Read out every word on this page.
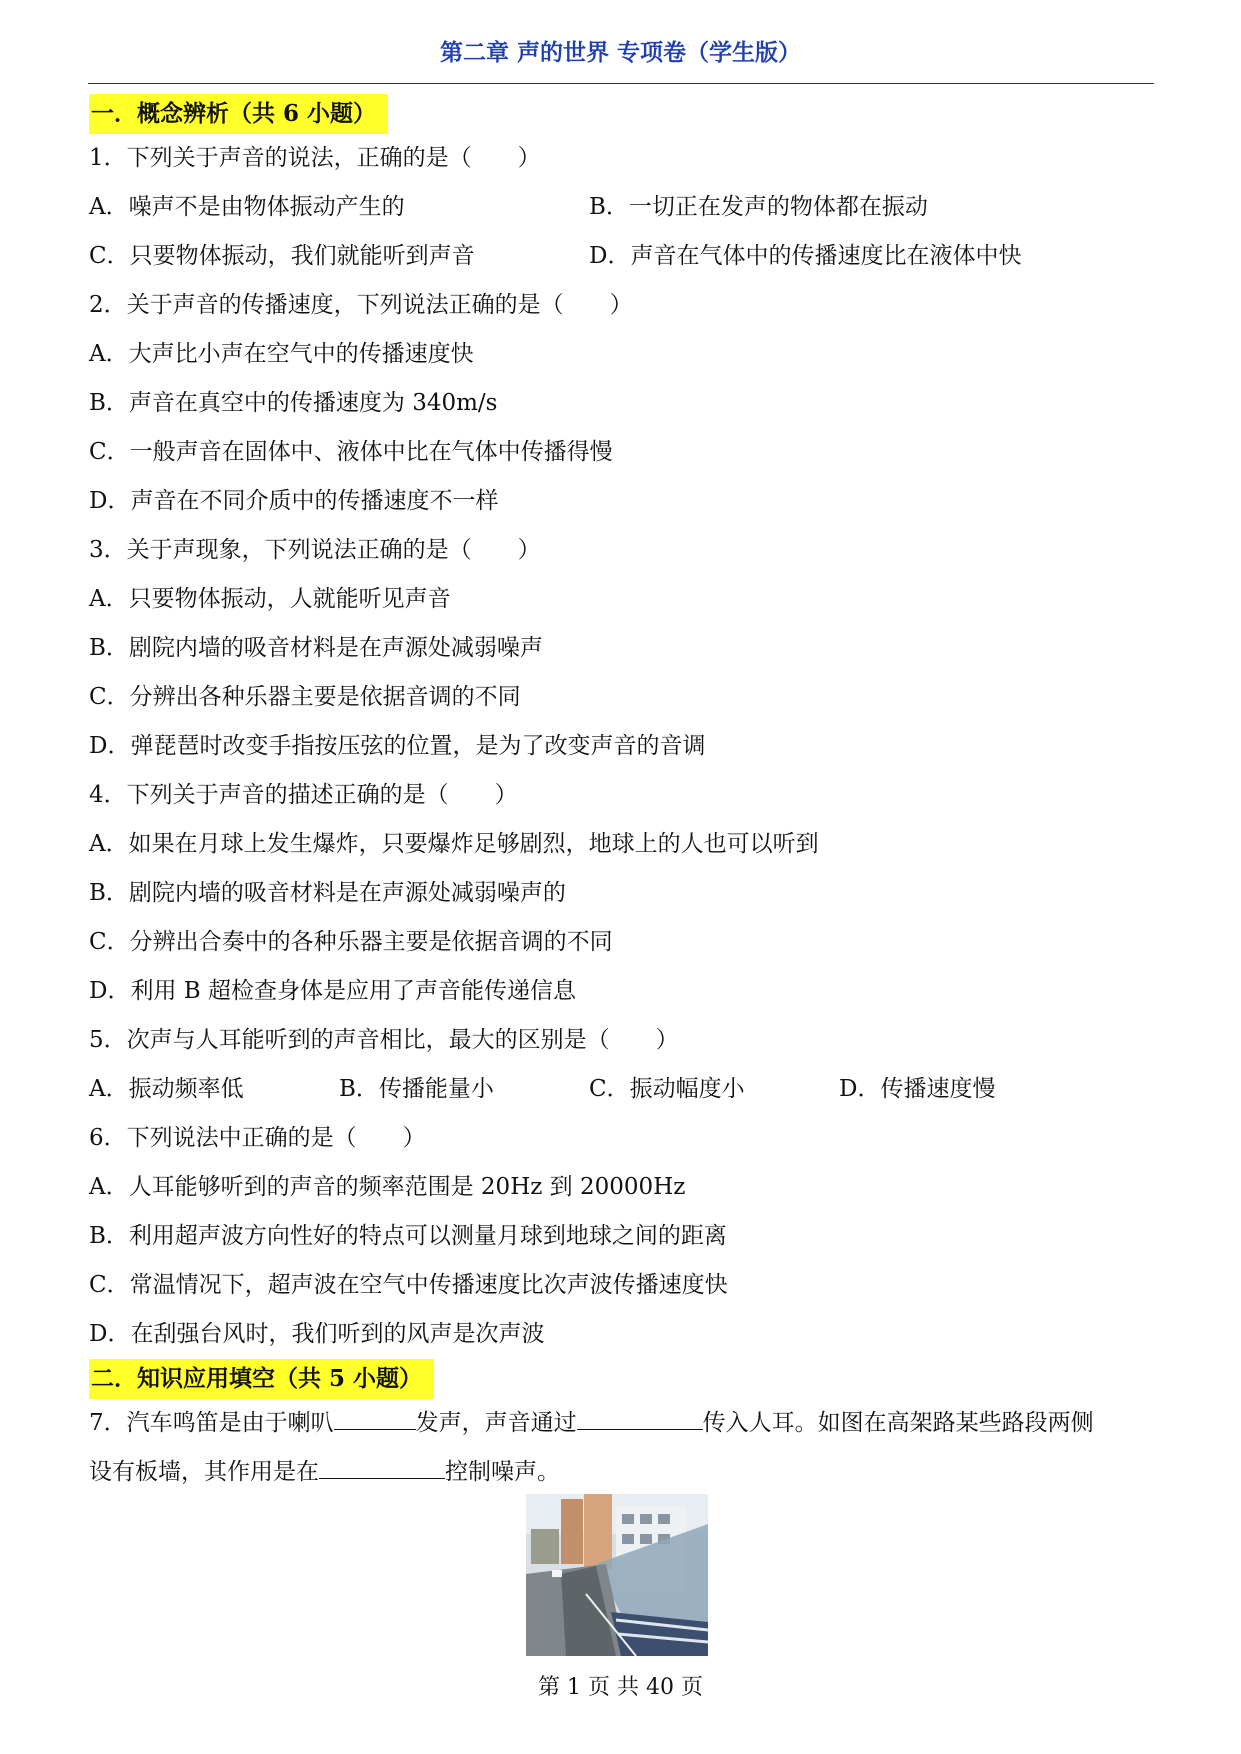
第二章 声的世界 专项卷（学生版）
一．概念辨析（共 6 小题）
1．下列关于声音的说法，正确的是（　　）
A．噪声不是由物体振动产生的	B．一切正在发声的物体都在振动
C．只要物体振动，我们就能听到声音	D．声音在气体中的传播速度比在液体中快
2．关于声音的传播速度，下列说法正确的是（　　）
A．大声比小声在空气中的传播速度快
B．声音在真空中的传播速度为 340m/s
C．一般声音在固体中、液体中比在气体中传播得慢
D．声音在不同介质中的传播速度不一样
3．关于声现象，下列说法正确的是（　　）
A．只要物体振动，人就能听见声音
B．剧院内墙的吸音材料是在声源处减弱噪声
C．分辨出各种乐器主要是依据音调的不同
D．弹琵琶时改变手指按压弦的位置，是为了改变声音的音调
4．下列关于声音的描述正确的是（　　）
A．如果在月球上发生爆炸，只要爆炸足够剧烈，地球上的人也可以听到
B．剧院内墙的吸音材料是在声源处减弱噪声的
C．分辨出合奏中的各种乐器主要是依据音调的不同
D．利用 B 超检查身体是应用了声音能传递信息
5．次声与人耳能听到的声音相比，最大的区别是（　　）
A．振动频率低	B．传播能量小	C．振动幅度小	D．传播速度慢
6．下列说法中正确的是（　　）
A．人耳能够听到的声音的频率范围是 20Hz 到 20000Hz
B．利用超声波方向性好的特点可以测量月球到地球之间的距离
C．常温情况下，超声波在空气中传播速度比次声波传播速度快
D．在刮强台风时，我们听到的风声是次声波
二．知识应用填空（共 5 小题）
7．汽车鸣笛是由于喇叭	发声，声音通过	传入人耳。如图在高架路某些路段两侧
设有板墙，其作用是在	控制噪声。
第 1 页 共 40 页
